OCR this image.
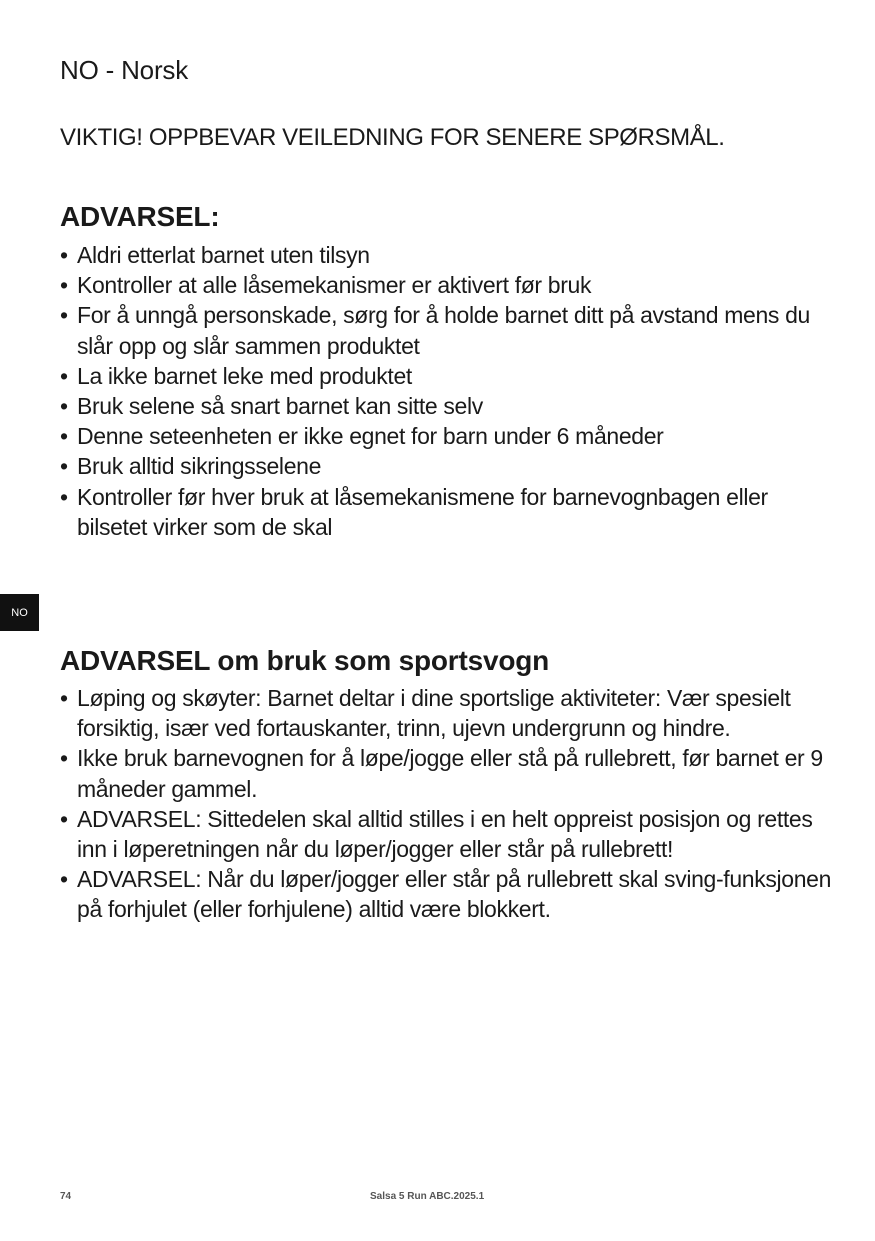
NO - Norsk

VIKTIG! OPPBEVAR VEILEDNING FOR SENERE SPØRSMÅL.

ADVARSEL:
• Aldri etterlat barnet uten tilsyn
• Kontroller at alle låsemekanismer er aktivert før bruk
• For å unngå personskade, sørg for å holde barnet ditt på avstand mens du slår opp og slår sammen produktet
• La ikke barnet leke med produktet
• Bruk selene så snart barnet kan sitte selv
• Denne seteenheten er ikke egnet for barn under 6 måneder
• Bruk alltid sikringsselene
• Kontroller før hver bruk at låsemekanismene for barnevognbagen eller bilsetet virker som de skal
NO
ADVARSEL om bruk som sportsvogn
• Løping og skøyter: Barnet deltar i dine sportslige aktiviteter: Vær spesielt forsiktig, især ved fortauskanter, trinn, ujevn undergrunn og hindre.
• Ikke bruk barnevognen for å løpe/jogge eller stå på rullebrett, før barnet er 9 måneder gammel.
• ADVARSEL: Sittedelen skal alltid stilles i en helt oppreist posisjon og rettes inn i løperetningen når du løper/jogger eller står på rullebrett!
• ADVARSEL: Når du løper/jogger eller står på rullebrett skal sving-funksjonen på forhjulet (eller forhjulene) alltid være blokkert.
74	Salsa 5 Run ABC.2025.1
